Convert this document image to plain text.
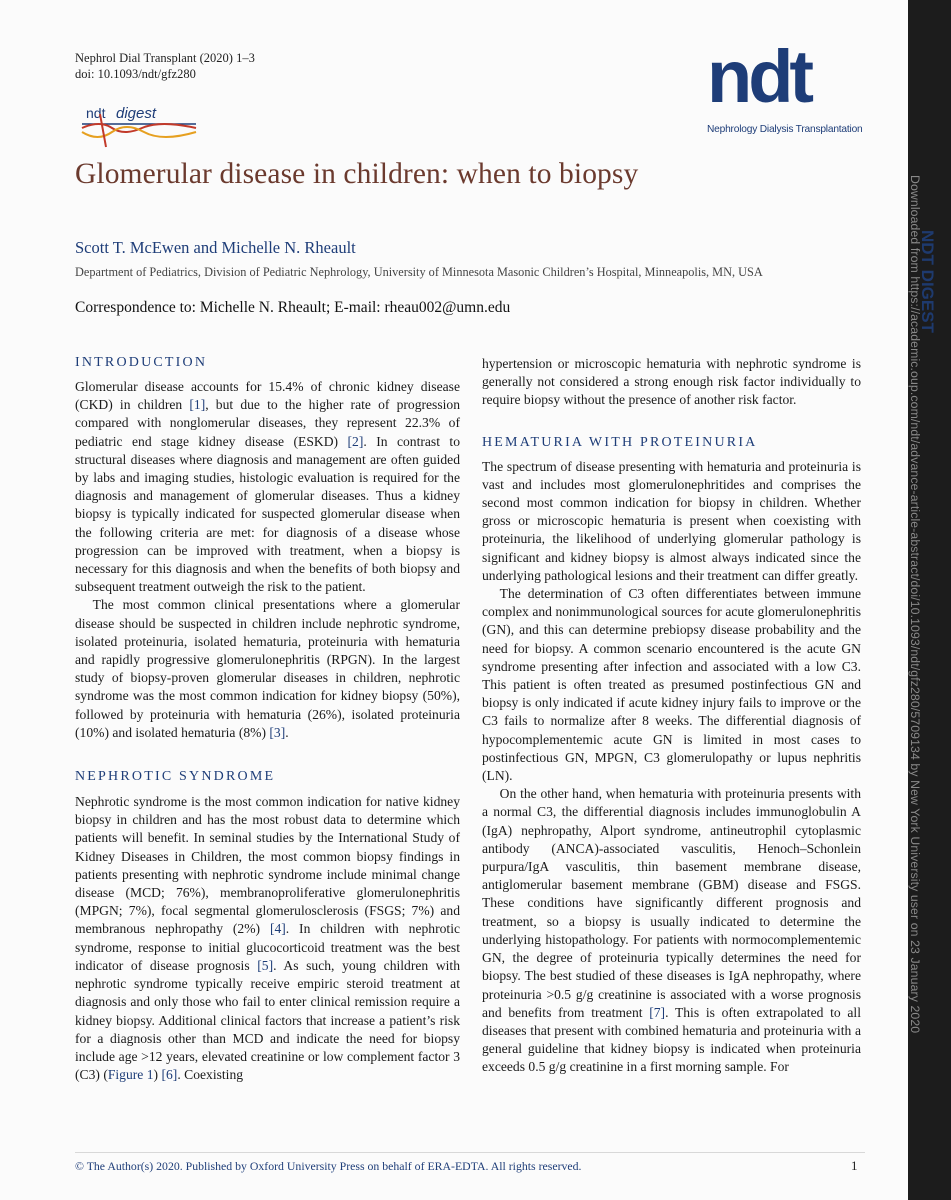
Nephrol Dial Transplant (2020) 1–3
doi: 10.1093/ndt/gfz280
ndt digest	ndt
Nephrology Dialysis Transplantation
NDT DIGEST
Downloaded from https://academic.oup.com/ndt/advance-article-abstract/doi/10.1093/ndt/gfz280/5709134 by New York University user on 23 January 2020
Glomerular disease in children: when to biopsy
Scott T. McEwen and Michelle N. Rheault
Department of Pediatrics, Division of Pediatric Nephrology, University of Minnesota Masonic Children’s Hospital, Minneapolis, MN, USA
Correspondence to: Michelle N. Rheault; E-mail: rheau002@umn.edu
INTRODUCTION

Glomerular disease accounts for 15.4% of chronic kidney disease (CKD) in children [1], but due to the higher rate of progression compared with nonglomerular diseases, they represent 22.3% of pediatric end stage kidney disease (ESKD) [2]. In contrast to structural diseases where diagnosis and management are often guided by labs and imaging studies, histologic evaluation is required for the diagnosis and management of glomerular diseases. Thus a kidney biopsy is typically indicated for suspected glomerular disease when the following criteria are met: for diagnosis of a disease whose progression can be improved with treatment, when a biopsy is necessary for this diagnosis and when the benefits of both biopsy and subsequent treatment outweigh the risk to the patient.

The most common clinical presentations where a glomerular disease should be suspected in children include nephrotic syndrome, isolated proteinuria, isolated hematuria, proteinuria with hematuria and rapidly progressive glomerulonephritis (RPGN). In the largest study of biopsy-proven glomerular diseases in children, nephrotic syndrome was the most common indication for kidney biopsy (50%), followed by proteinuria with hematuria (26%), isolated proteinuria (10%) and isolated hematuria (8%) [3].

NEPHROTIC SYNDROME

Nephrotic syndrome is the most common indication for native kidney biopsy in children and has the most robust data to determine which patients will benefit. In seminal studies by the International Study of Kidney Diseases in Children, the most common biopsy findings in patients presenting with nephrotic syndrome include minimal change disease (MCD; 76%), membranoproliferative glomerulonephritis (MPGN; 7%), focal segmental glomerulosclerosis (FSGS; 7%) and membranous nephropathy (2%) [4]. In children with nephrotic syndrome, response to initial glucocorticoid treatment was the best indicator of disease prognosis [5]. As such, young children with nephrotic syndrome typically receive empiric steroid treatment at diagnosis and only those who fail to enter clinical remission require a kidney biopsy. Additional clinical factors that increase a patient’s risk for a diagnosis other than MCD and indicate the need for biopsy include age >12 years, elevated creatinine or low complement factor 3 (C3) (Figure 1) [6]. Coexisting

hypertension or microscopic hematuria with nephrotic syndrome is generally not considered a strong enough risk factor individually to require biopsy without the presence of another risk factor.

HEMATURIA WITH PROTEINURIA

The spectrum of disease presenting with hematuria and proteinuria is vast and includes most glomerulonephritides and comprises the second most common indication for biopsy in children. Whether gross or microscopic hematuria is present when coexisting with proteinuria, the likelihood of underlying glomerular pathology is significant and kidney biopsy is almost always indicated since the underlying pathological lesions and their treatment can differ greatly.

The determination of C3 often differentiates between immune complex and nonimmunological sources for acute glomerulonephritis (GN), and this can determine prebiopsy disease probability and the need for biopsy. A common scenario encountered is the acute GN syndrome presenting after infection and associated with a low C3. This patient is often treated as presumed postinfectious GN and biopsy is only indicated if acute kidney injury fails to improve or the C3 fails to normalize after 8 weeks. The differential diagnosis of hypocomplementemic acute GN is limited in most cases to postinfectious GN, MPGN, C3 glomerulopathy or lupus nephritis (LN).

On the other hand, when hematuria with proteinuria presents with a normal C3, the differential diagnosis includes immunoglobulin A (IgA) nephropathy, Alport syndrome, antineutrophil cytoplasmic antibody (ANCA)-associated vasculitis, Henoch–Schonlein purpura/IgA vasculitis, thin basement membrane disease, antiglomerular basement membrane (GBM) disease and FSGS. These conditions have significantly different prognosis and treatment, so a biopsy is usually indicated to determine the underlying histopathology. For patients with normocomplementemic GN, the degree of proteinuria typically determines the need for biopsy. The best studied of these diseases is IgA nephropathy, where proteinuria >0.5 g/g creatinine is associated with a worse prognosis and benefits from treatment [7]. This is often extrapolated to all diseases that present with combined hematuria and proteinuria with a general guideline that kidney biopsy is indicated when proteinuria exceeds 0.5 g/g creatinine in a first morning sample. For

© The Author(s) 2020. Published by Oxford University Press on behalf of ERA-EDTA. All rights reserved.	1
